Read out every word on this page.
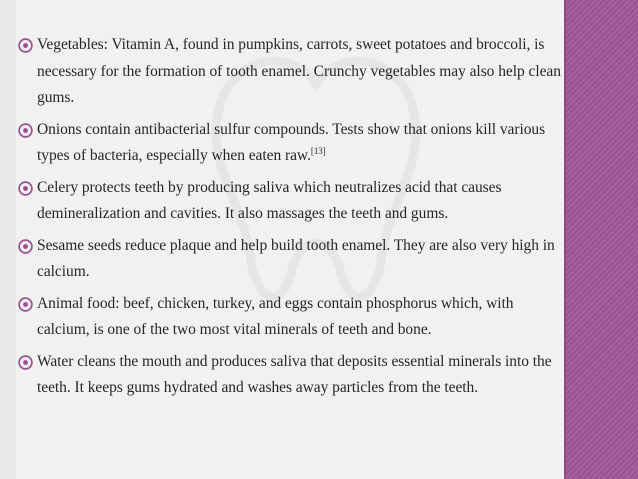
Vegetables: Vitamin A, found in pumpkins, carrots, sweet potatoes and broccoli, is necessary for the formation of tooth enamel. Crunchy vegetables may also help clean gums.
Onions contain antibacterial sulfur compounds. Tests show that onions kill various types of bacteria, especially when eaten raw.[13]
Celery protects teeth by producing saliva which neutralizes acid that causes demineralization and cavities. It also massages the teeth and gums.
Sesame seeds reduce plaque and help build tooth enamel. They are also very high in calcium.
Animal food: beef, chicken, turkey, and eggs contain phosphorus which, with calcium, is one of the two most vital minerals of teeth and bone.
Water cleans the mouth and produces saliva that deposits essential minerals into the teeth. It keeps gums hydrated and washes away particles from the teeth.
